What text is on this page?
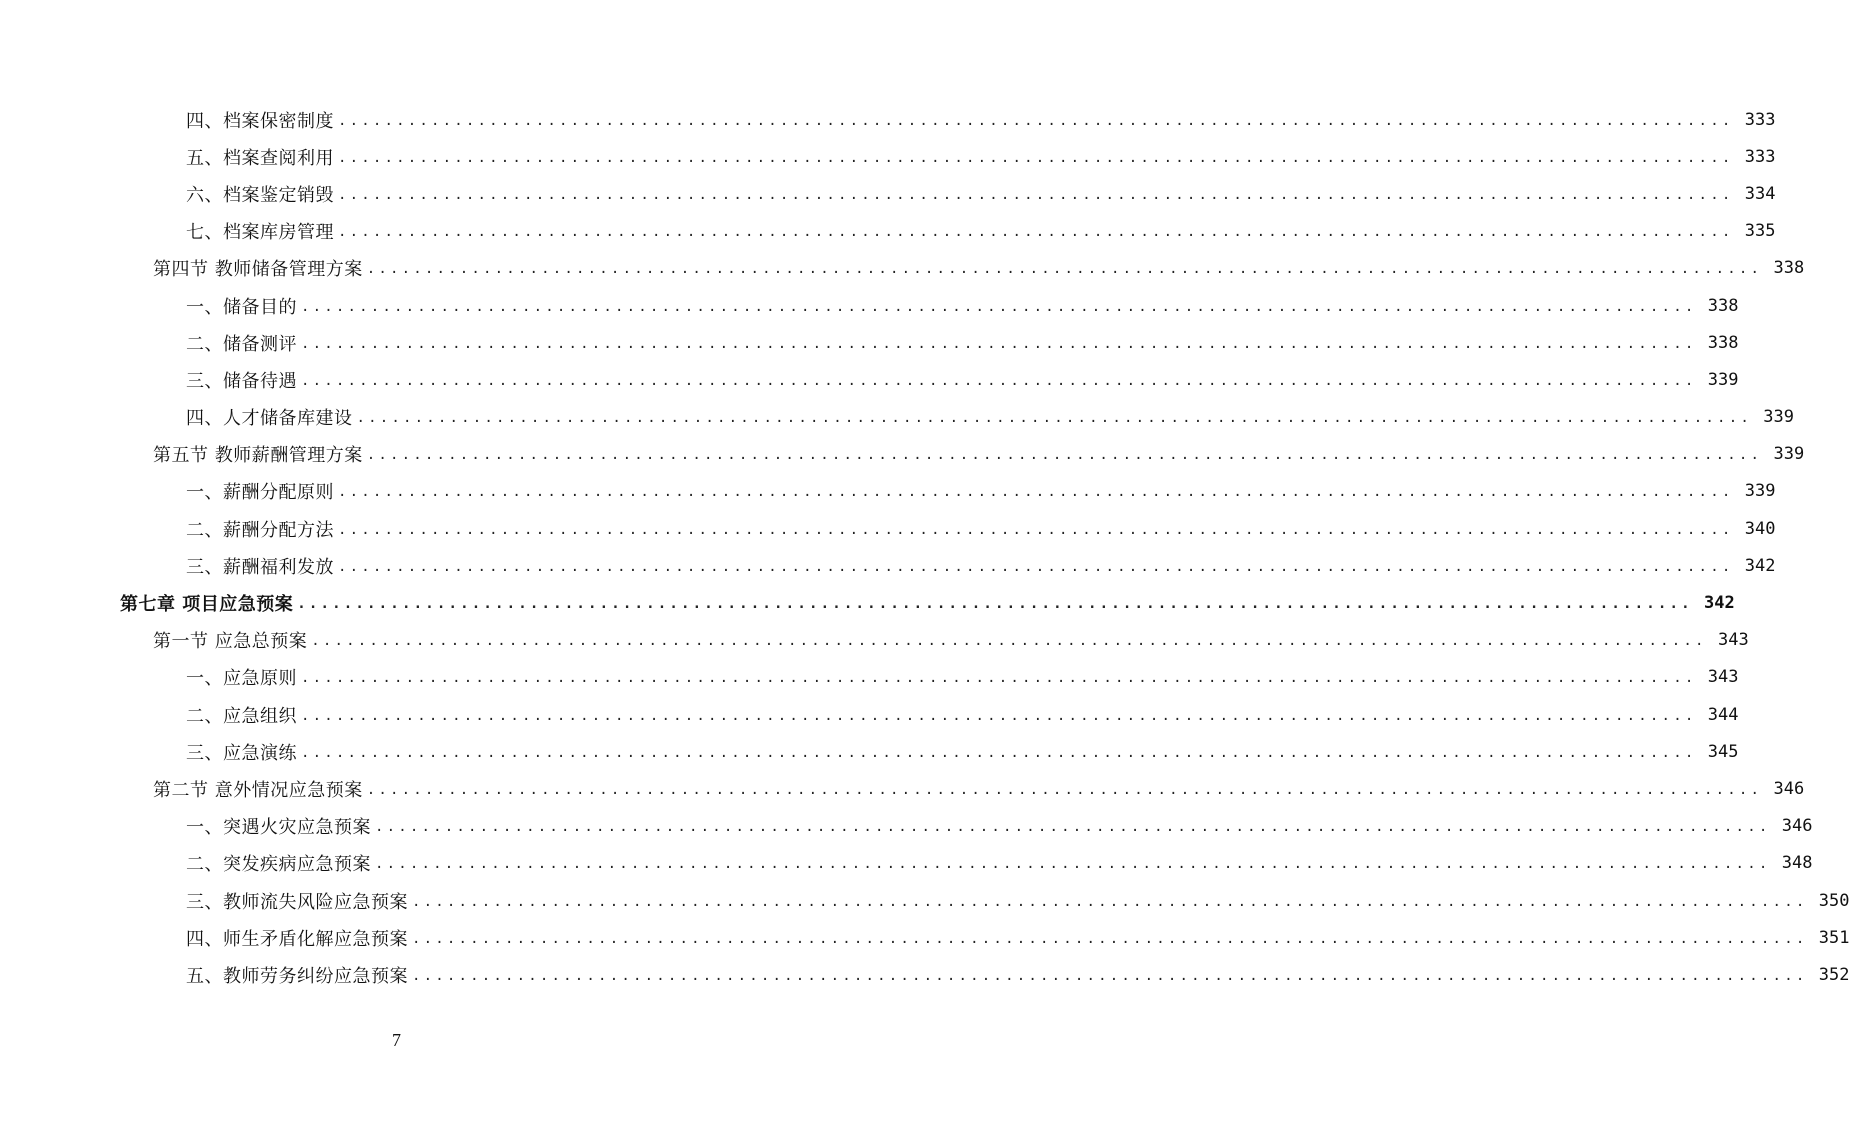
四、档案保密制度 ........................................................................................................................ 333
五、档案查阅利用 ........................................................................................................................ 333
六、档案鉴定销毁 ........................................................................................................................ 334
七、档案库房管理 ........................................................................................................................ 335
第四节 教师储备管理方案 ........................................................................................................................ 338
一、储备目的 ........................................................................................................................ 338
二、储备测评 ........................................................................................................................ 338
三、储备待遇 ........................................................................................................................ 339
四、人才储备库建设 ........................................................................................................................ 339
第五节 教师薪酬管理方案 ........................................................................................................................ 339
一、薪酬分配原则 ........................................................................................................................ 339
二、薪酬分配方法 ........................................................................................................................ 340
三、薪酬福利发放 ........................................................................................................................ 342
第七章 项目应急预案 ........................................................................................................................ 342
第一节 应急总预案 ........................................................................................................................ 343
一、应急原则 ........................................................................................................................ 343
二、应急组织 ........................................................................................................................ 344
三、应急演练 ........................................................................................................................ 345
第二节 意外情况应急预案 ........................................................................................................................ 346
一、突遇火灾应急预案 ........................................................................................................................ 346
二、突发疾病应急预案 ........................................................................................................................ 348
三、教师流失风险应急预案 ........................................................................................................................ 350
四、师生矛盾化解应急预案 ........................................................................................................................ 351
五、教师劳务纠纷应急预案 ........................................................................................................................ 352
7
